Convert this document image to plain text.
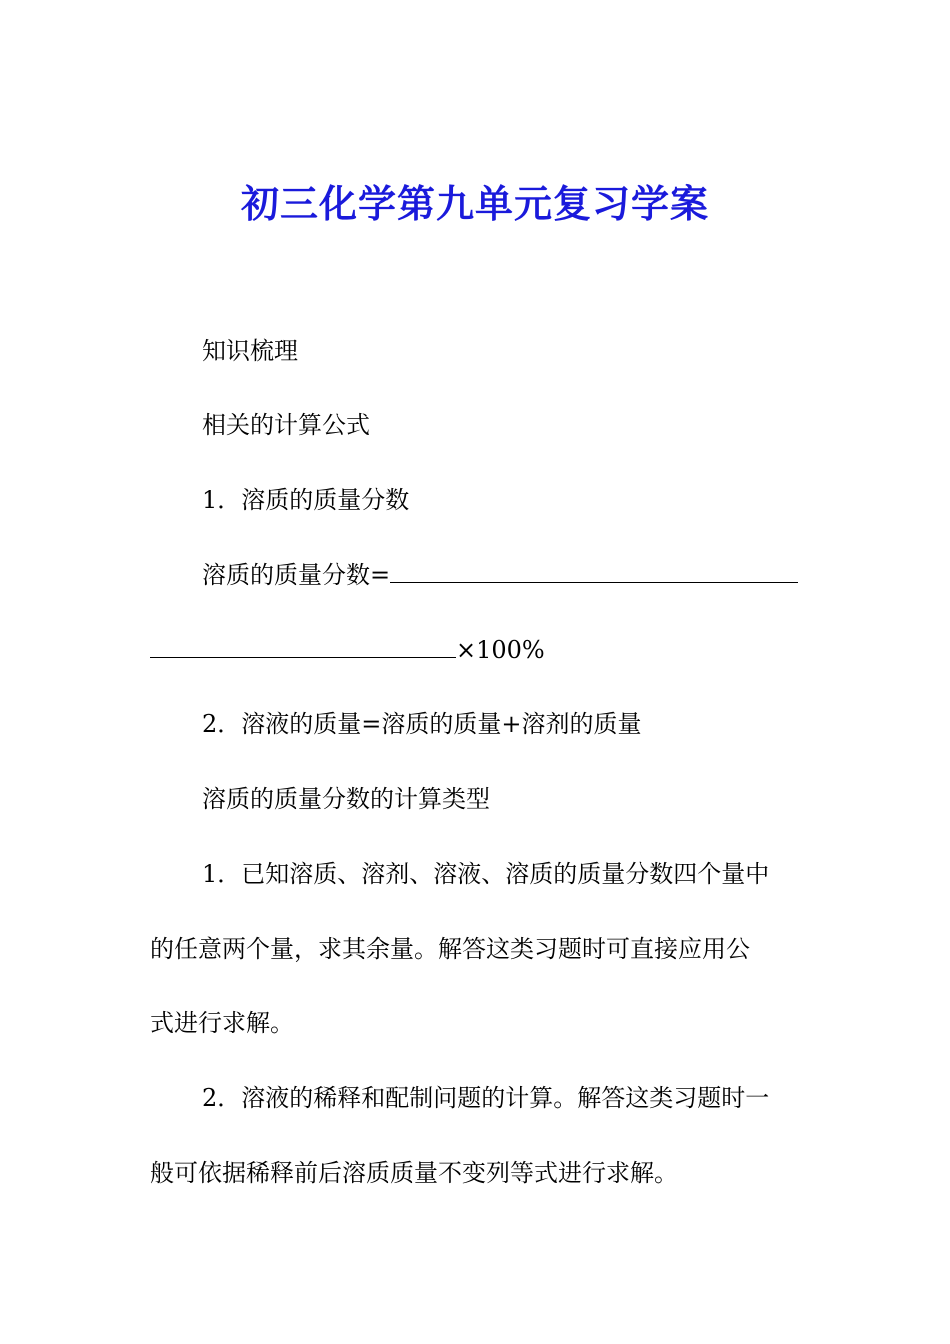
初三化学第九单元复习学案

知识梳理

相关的计算公式

1．溶质的质量分数

溶质的质量分数=

×100%

2．溶液的质量=溶质的质量+溶剂的质量

溶质的质量分数的计算类型

1．已知溶质、溶剂、溶液、溶质的质量分数四个量中

的任意两个量，求其余量。解答这类习题时可直接应用公

式进行求解。

2．溶液的稀释和配制问题的计算。解答这类习题时一

般可依据稀释前后溶质质量不变列等式进行求解。
